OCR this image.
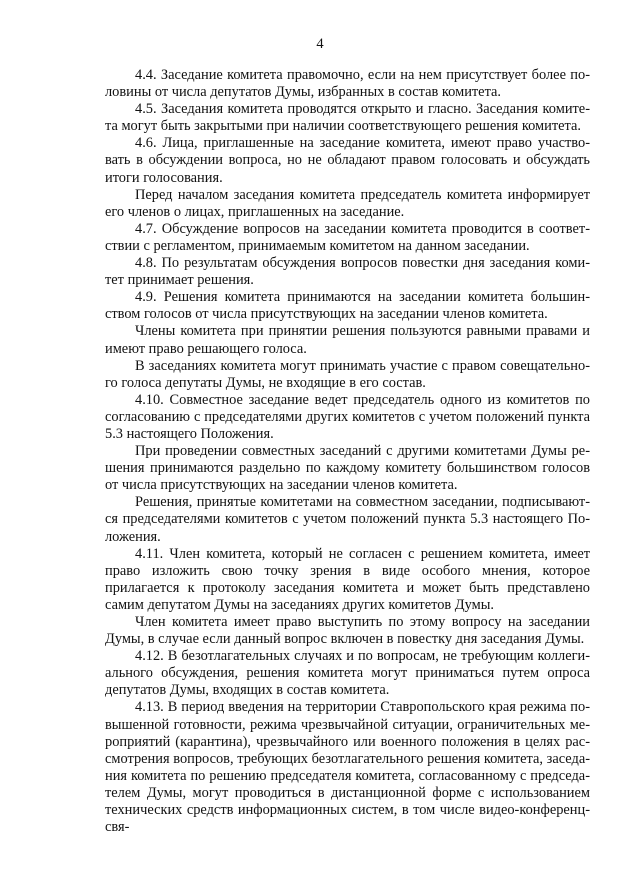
4

4.4. Заседание комитета правомочно, если на нем присутствует более половины от числа депутатов Думы, избранных в состав комитета.

4.5. Заседания комитета проводятся открыто и гласно. Заседания комитета могут быть закрытыми при наличии соответствующего решения комитета.

4.6. Лица, приглашенные на заседание комитета, имеют право участвовать в обсуждении вопроса, но не обладают правом голосовать и обсуждать итоги голосования.

Перед началом заседания комитета председатель комитета информирует его членов о лицах, приглашенных на заседание.

4.7. Обсуждение вопросов на заседании комитета проводится в соответствии с регламентом, принимаемым комитетом на данном заседании.

4.8. По результатам обсуждения вопросов повестки дня заседания комитет принимает решения.

4.9. Решения комитета принимаются на заседании комитета большинством голосов от числа присутствующих на заседании членов комитета.

Члены комитета при принятии решения пользуются равными правами и имеют право решающего голоса.

В заседаниях комитета могут принимать участие с правом совещательного голоса депутаты Думы, не входящие в его состав.

4.10. Совместное заседание ведет председатель одного из комитетов по согласованию с председателями других комитетов с учетом положений пункта 5.3 настоящего Положения.

При проведении совместных заседаний с другими комитетами Думы решения принимаются раздельно по каждому комитету большинством голосов от числа присутствующих на заседании членов комитета.

Решения, принятые комитетами на совместном заседании, подписываются председателями комитетов с учетом положений пункта 5.3 настоящего Положения.

4.11. Член комитета, который не согласен с решением комитета, имеет право изложить свою точку зрения в виде особого мнения, которое прилагается к протоколу заседания комитета и может быть представлено самим депутатом Думы на заседаниях других комитетов Думы.

Член комитета имеет право выступить по этому вопросу на заседании Думы, в случае если данный вопрос включен в повестку дня заседания Думы.

4.12. В безотлагательных случаях и по вопросам, не требующим коллегиального обсуждения, решения комитета могут приниматься путем опроса депутатов Думы, входящих в состав комитета.

4.13. В период введения на территории Ставропольского края режима повышенной готовности, режима чрезвычайной ситуации, ограничительных мероприятий (карантина), чрезвычайного или военного положения в целях рассмотрения вопросов, требующих безотлагательного решения комитета, заседания комитета по решению председателя комитета, согласованному с председателем Думы, могут проводиться в дистанционной форме с использованием технических средств информационных систем, в том числе видео-конференц-свя-
